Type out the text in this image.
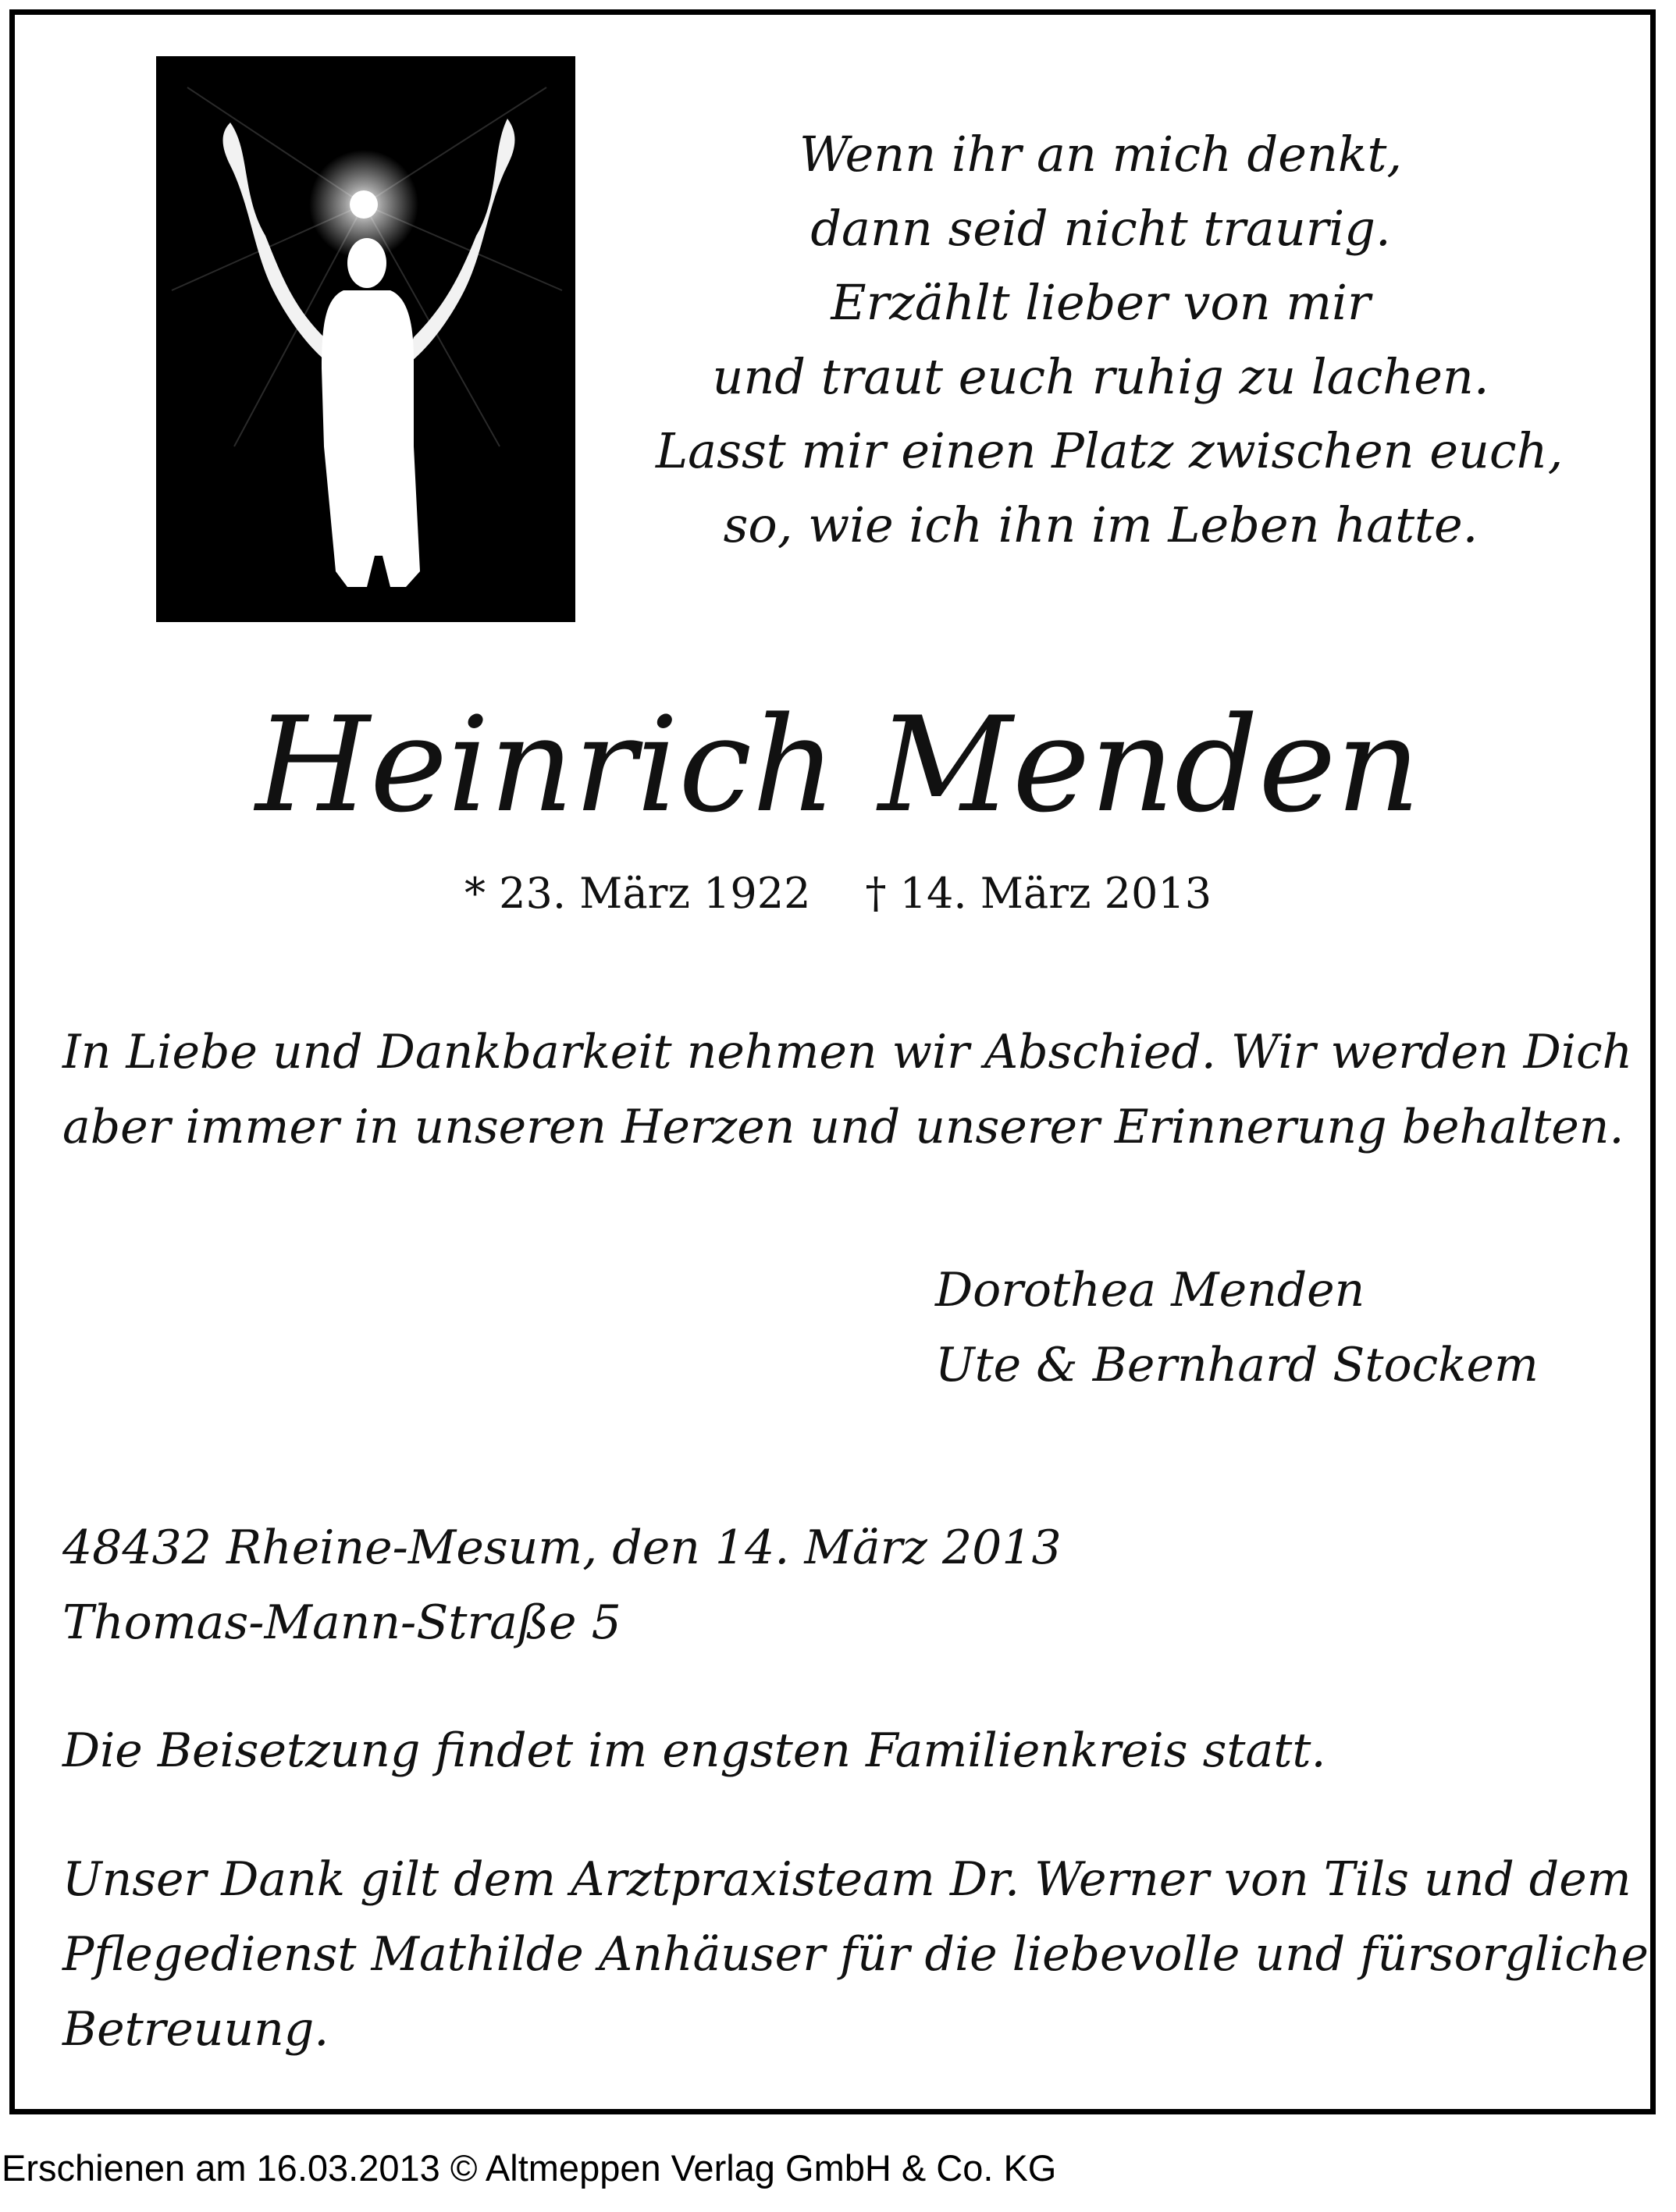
Wenn ihr an mich denkt,
dann seid nicht traurig.
Erzählt lieber von mir
und traut euch ruhig zu lachen.
Lasst mir einen Platz zwischen euch,
so, wie ich ihn im Leben hatte.
Heinrich Menden
* 23. März 1922 † 14. März 2013
In Liebe und Dankbarkeit nehmen wir Abschied. Wir werden Dich
aber immer in unseren Herzen und unserer Erinnerung behalten.
Dorothea Menden
Ute & Bernhard Stockem
48432 Rheine-Mesum, den 14. März 2013
Thomas-Mann-Straße 5
Die Beisetzung findet im engsten Familienkreis statt.
Unser Dank gilt dem Arztpraxisteam Dr. Werner von Tils und dem
Pflegedienst Mathilde Anhäuser für die liebevolle und fürsorgliche
Betreuung.
Erschienen am 16.03.2013 © Altmeppen Verlag GmbH & Co. KG
